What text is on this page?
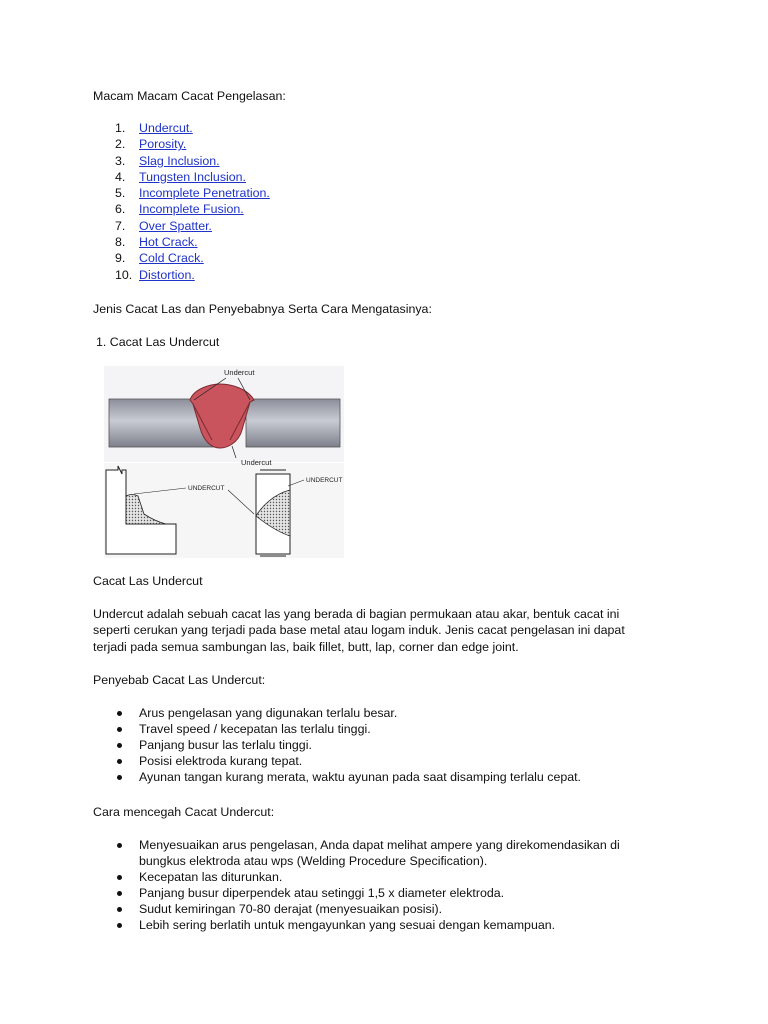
Macam Macam Cacat Pengelasan:
1.	Undercut.
2.	Porosity.
3.	Slag Inclusion.
4.	Tungsten Inclusion.
5.	Incomplete Penetration.
6.	Incomplete Fusion.
7.	Over Spatter.
8.	Hot Crack.
9.	Cold Crack.
10. Distortion.
Jenis Cacat Las dan Penyebabnya Serta Cara Mengatasinya:
1. Cacat Las Undercut
Undercut
Undercut
UNDERCUT
UNDERCUT
Cacat Las Undercut
Undercut adalah sebuah cacat las yang berada di bagian permukaan atau akar, bentuk cacat ini
seperti cerukan yang terjadi pada base metal atau logam induk. Jenis cacat pengelasan ini dapat
terjadi pada semua sambungan las, baik fillet, butt, lap, corner dan edge joint.
Penyebab Cacat Las Undercut:
Arus pengelasan yang digunakan terlalu besar.
Travel speed / kecepatan las terlalu tinggi.
Panjang busur las terlalu tinggi.
Posisi elektroda kurang tepat.
Ayunan tangan kurang merata, waktu ayunan pada saat disamping terlalu cepat.
Cara mencegah Cacat Undercut:
Menyesuaikan arus pengelasan, Anda dapat melihat ampere yang direkomendasikan di
bungkus elektroda atau wps (Welding Procedure Specification).
Kecepatan las diturunkan.
Panjang busur diperpendek atau setinggi 1,5 x diameter elektroda.
Sudut kemiringan 70-80 derajat (menyesuaikan posisi).
Lebih sering berlatih untuk mengayunkan yang sesuai dengan kemampuan.
